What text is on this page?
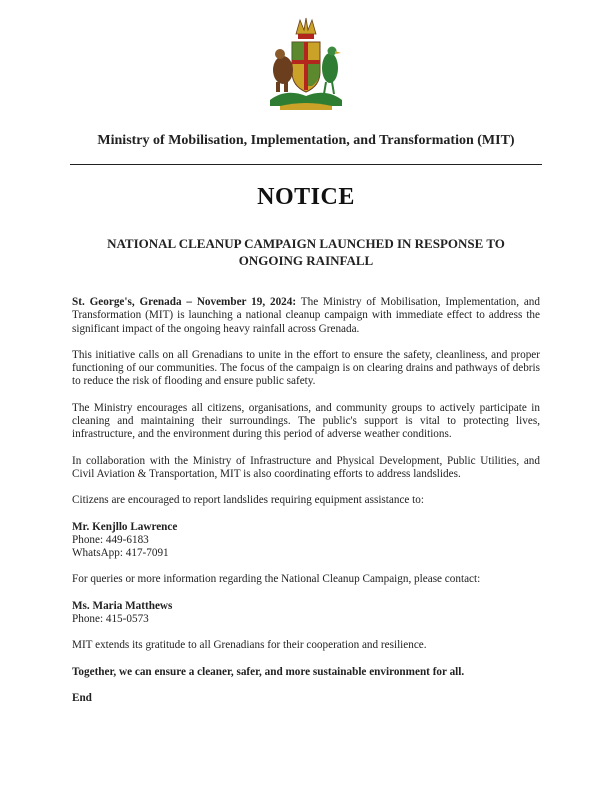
Ministry of Mobilisation, Implementation, and Transformation (MIT)
NOTICE
NATIONAL CLEANUP CAMPAIGN LAUNCHED IN RESPONSE TO
ONGOING RAINFALL

St. George's, Grenada – November 19, 2024: The Ministry of Mobilisation, Implementation, and Transformation (MIT) is launching a national cleanup campaign with immediate effect to address the significant impact of the ongoing heavy rainfall across Grenada.

This initiative calls on all Grenadians to unite in the effort to ensure the safety, cleanliness, and proper functioning of our communities. The focus of the campaign is on clearing drains and pathways of debris to reduce the risk of flooding and ensure public safety.

The Ministry encourages all citizens, organisations, and community groups to actively participate in cleaning and maintaining their surroundings. The public's support is vital to protecting lives, infrastructure, and the environment during this period of adverse weather conditions.

In collaboration with the Ministry of Infrastructure and Physical Development, Public Utilities, and Civil Aviation & Transportation, MIT is also coordinating efforts to address landslides.

Citizens are encouraged to report landslides requiring equipment assistance to:

Mr. Kenjllo Lawrence
Phone: 449-6183
WhatsApp: 417-7091

For queries or more information regarding the National Cleanup Campaign, please contact:

Ms. Maria Matthews
Phone: 415-0573

MIT extends its gratitude to all Grenadians for their cooperation and resilience.

Together, we can ensure a cleaner, safer, and more sustainable environment for all.

End
